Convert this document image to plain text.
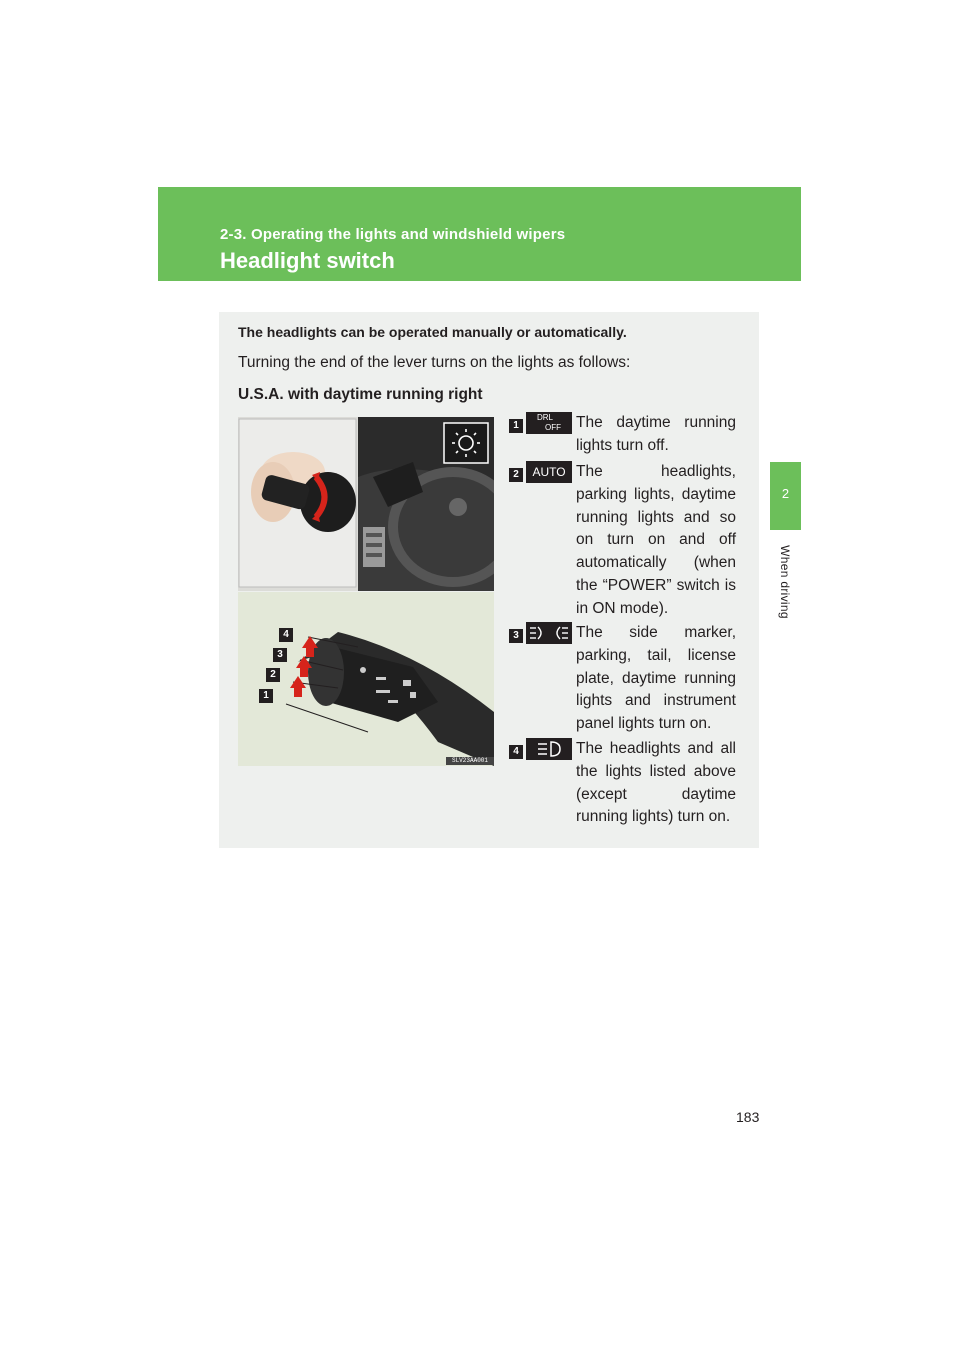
2-3. Operating the lights and windshield wipers
Headlight switch
2
When driving
The headlights can be operated manually or automatically.
Turning the end of the lever turns on the lights as follows:
U.S.A. with daytime running right
4
3
2
1
SLV23AA001
1
DRL
OFF The daytime running lights turn off.
2	AUTO The headlights, parking lights, daytime running lights and so on turn on and off automatically (when the “POWER” switch is in ON mode).
3	The side marker, parking, tail, license plate, daytime running lights and instrument panel lights turn on.
4	The headlights and all the lights listed above (except daytime running lights) turn on.
183
